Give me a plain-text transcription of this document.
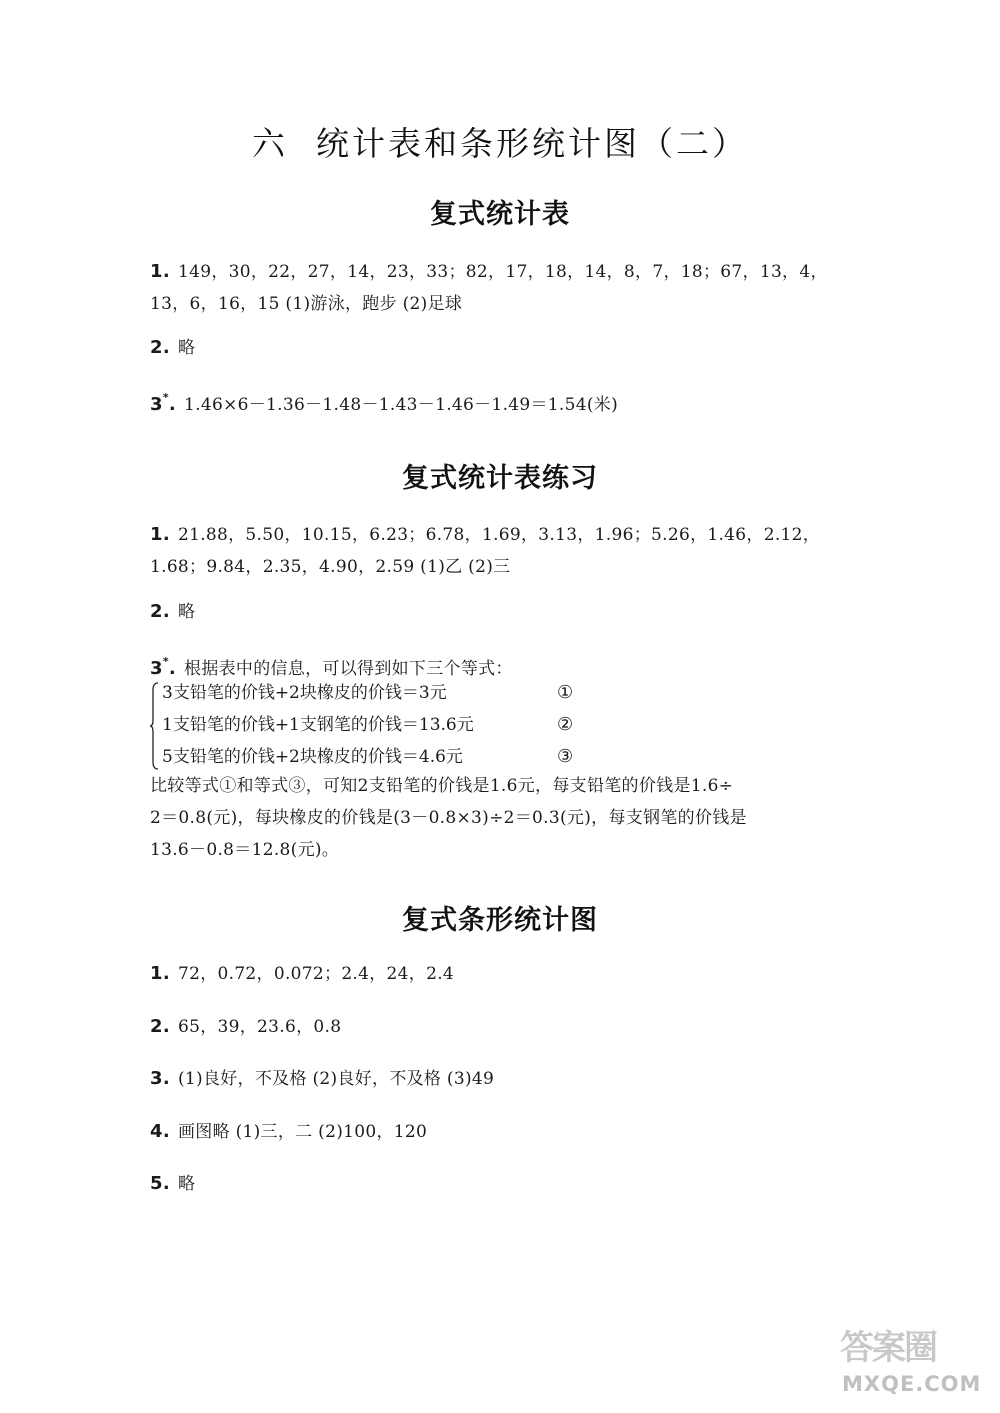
六 统计表和条形统计图（二）
复式统计表
1. 149，30，22，27，14，23，33；82，17，18，14，8，7，18；67，13，4，
13，6，16，15 (1)游泳，跑步 (2)足球
2. 略
3*. 1.46×6－1.36－1.48－1.43－1.46－1.49＝1.54(米)
复式统计表练习
1. 21.88，5.50，10.15，6.23；6.78，1.69，3.13，1.96；5.26，1.46，2.12，
1.68；9.84，2.35，4.90，2.59 (1)乙 (2)三
2. 略
3*. 根据表中的信息，可以得到如下三个等式：
3支铅笔的价钱+2块橡皮的价钱＝3元	①
1支铅笔的价钱+1支钢笔的价钱＝13.6元	②
5支铅笔的价钱+2块橡皮的价钱＝4.6元	③
比较等式①和等式③，可知2支铅笔的价钱是1.6元，每支铅笔的价钱是1.6÷
2＝0.8(元)，每块橡皮的价钱是(3－0.8×3)÷2＝0.3(元)，每支钢笔的价钱是
13.6－0.8＝12.8(元)。
复式条形统计图
1. 72，0.72，0.072；2.4，24，2.4
2. 65，39，23.6，0.8
3. (1)良好，不及格 (2)良好，不及格 (3)49
4. 画图略 (1)三，二 (2)100，120
5. 略
答案圈
MXQE.COM
